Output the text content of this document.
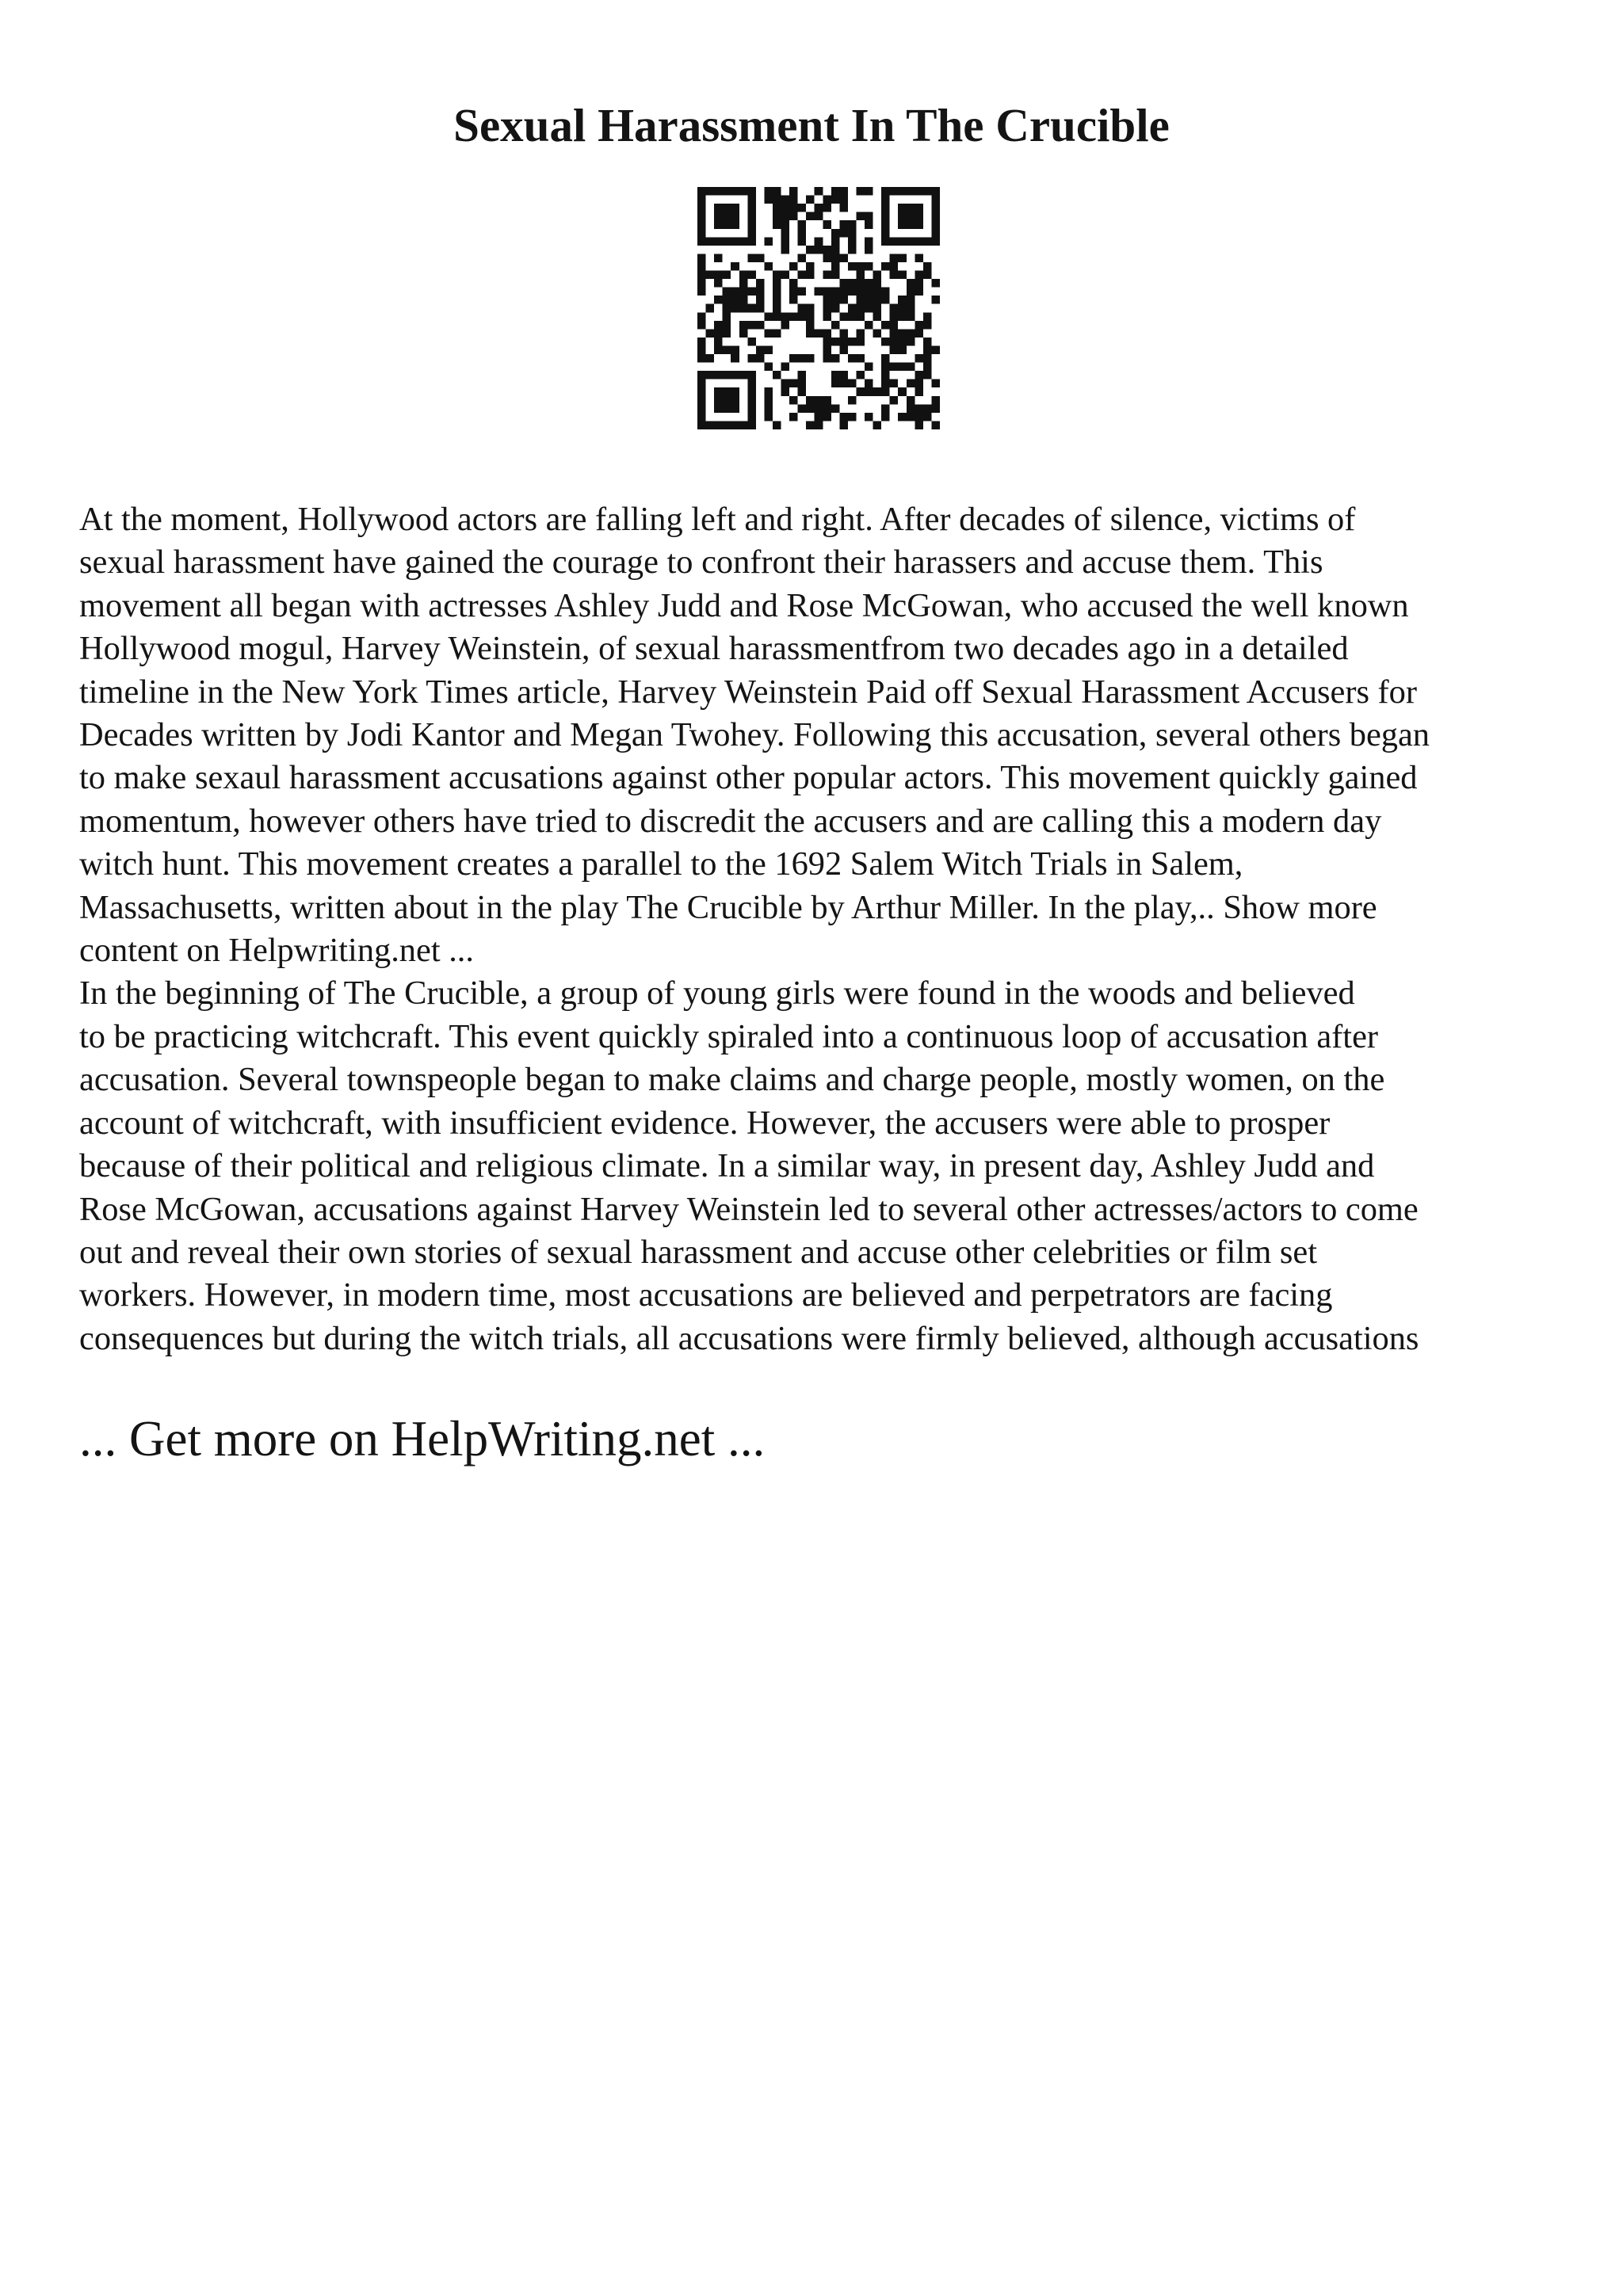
Sexual Harassment In The Crucible

At the moment, Hollywood actors are falling left and right. After decades of silence, victims of
sexual harassment have gained the courage to confront their harassers and accuse them. This
movement all began with actresses Ashley Judd and Rose McGowan, who accused the well known
Hollywood mogul, Harvey Weinstein, of sexual harassmentfrom two decades ago in a detailed
timeline in the New York Times article, Harvey Weinstein Paid off Sexual Harassment Accusers for
Decades written by Jodi Kantor and Megan Twohey. Following this accusation, several others began
to make sexaul harassment accusations against other popular actors. This movement quickly gained
momentum, however others have tried to discredit the accusers and are calling this a modern day
witch hunt. This movement creates a parallel to the 1692 Salem Witch Trials in Salem,
Massachusetts, written about in the play The Crucible by Arthur Miller. In the play,.. Show more
content on Helpwriting.net ...

In the beginning of The Crucible, a group of young girls were found in the woods and believed
to be practicing witchcraft. This event quickly spiraled into a continuous loop of accusation after
accusation. Several townspeople began to make claims and charge people, mostly women, on the
account of witchcraft, with insufficient evidence. However, the accusers were able to prosper
because of their political and religious climate. In a similar way, in present day, Ashley Judd and
Rose McGowan, accusations against Harvey Weinstein led to several other actresses/actors to come
out and reveal their own stories of sexual harassment and accuse other celebrities or film set
workers. However, in modern time, most accusations are believed and perpetrators are facing
consequences but during the witch trials, all accusations were firmly believed, although accusations

... Get more on HelpWriting.net ...
